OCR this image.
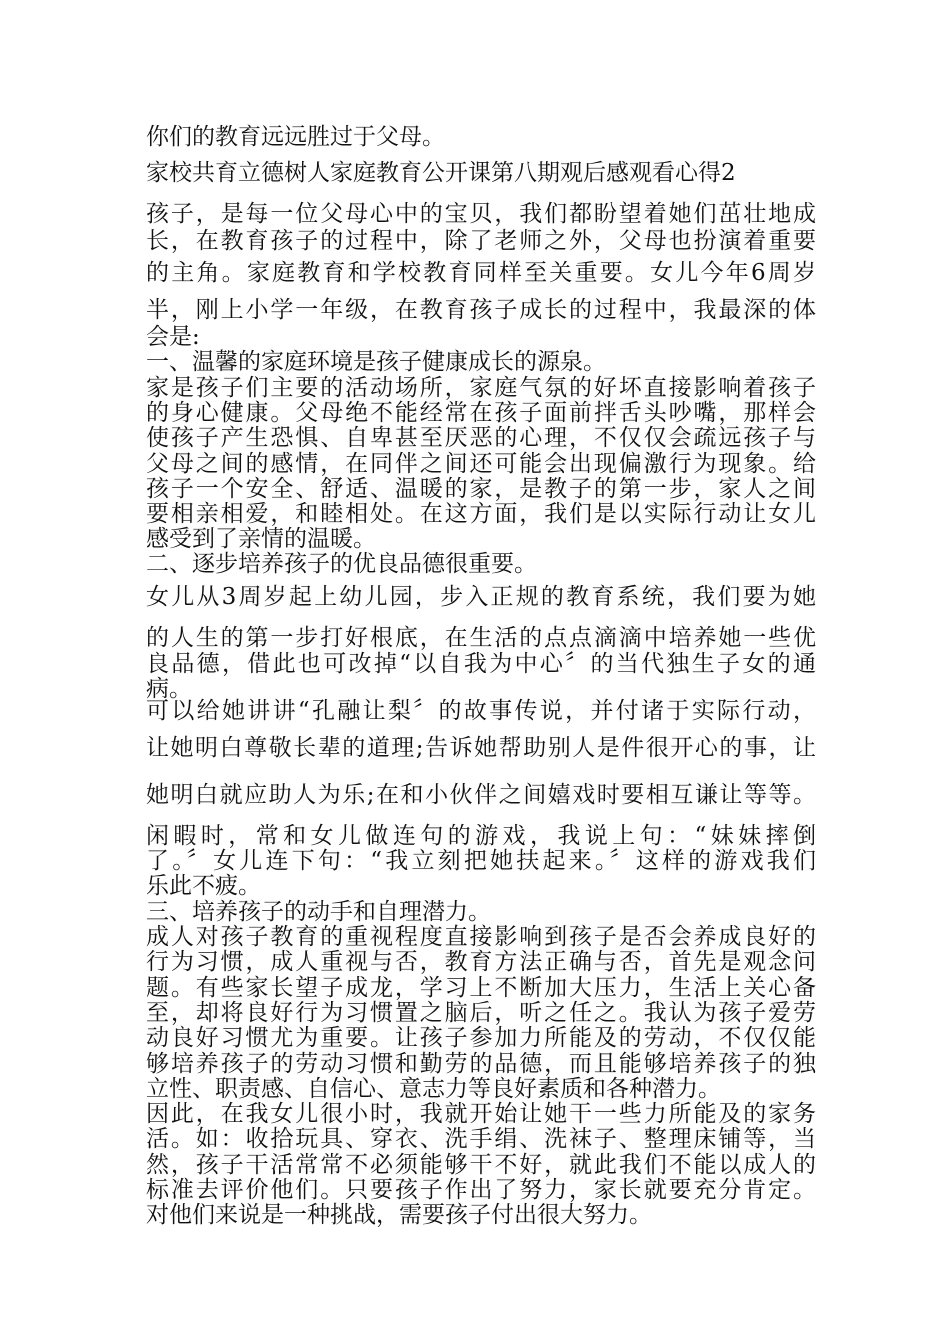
你们的教育远远胜过于父母。
家校共育立德树人家庭教育公开课第八期观后感观看心得2
孩子，是每一位父母心中的宝贝，我们都盼望着她们茁壮地成
长，在教育孩子的过程中，除了老师之外，父母也扮演着重要
的主角。家庭教育和学校教育同样至关重要。女儿今年6周岁
半，刚上小学一年级，在教育孩子成长的过程中，我最深的体
会是:
一、温馨的家庭环境是孩子健康成长的源泉。
家是孩子们主要的活动场所，家庭气氛的好坏直接影响着孩子
的身心健康。父母绝不能经常在孩子面前拌舌头吵嘴，那样会
使孩子产生恐惧、自卑甚至厌恶的心理，不仅仅会疏远孩子与
父母之间的感情，在同伴之间还可能会出现偏激行为现象。给
孩子一个安全、舒适、温暖的家，是教子的第一步，家人之间
要相亲相爱，和睦相处。在这方面，我们是以实际行动让女儿
感受到了亲情的温暖。
二、逐步培养孩子的优良品德很重要。
女儿从3周岁起上幼儿园，步入正规的教育系统，我们要为她
的人生的第一步打好根底，在生活的点点滴滴中培养她一些优
良品德，借此也可改掉“以自我为中心〞的当代独生子女的通
病。
可以给她讲讲“孔融让梨〞的故事传说，并付诸于实际行动，
让她明白尊敬长辈的道理;告诉她帮助别人是件很开心的事，让
她明白就应助人为乐;在和小伙伴之间嬉戏时要相互谦让等等。
闲暇时，常和女儿做连句的游戏，我说上句：“妹妹摔倒
了。〞女儿连下句：“我立刻把她扶起来。〞这样的游戏我们
乐此不疲。
三、培养孩子的动手和自理潜力。
成人对孩子教育的重视程度直接影响到孩子是否会养成良好的
行为习惯，成人重视与否，教育方法正确与否，首先是观念问
题。有些家长望子成龙，学习上不断加大压力，生活上关心备
至，却将良好行为习惯置之脑后，听之任之。我认为孩子爱劳
动良好习惯尤为重要。让孩子参加力所能及的劳动，不仅仅能
够培养孩子的劳动习惯和勤劳的品德，而且能够培养孩子的独
立性、职责感、自信心、意志力等良好素质和各种潜力。
因此，在我女儿很小时，我就开始让她干一些力所能及的家务
活。如：收拾玩具、穿衣、洗手绢、洗袜子、整理床铺等，当
然，孩子干活常常不必须能够干不好，就此我们不能以成人的
标准去评价他们。只要孩子作出了努力，家长就要充分肯定。
对他们来说是一种挑战，需要孩子付出很大努力。
